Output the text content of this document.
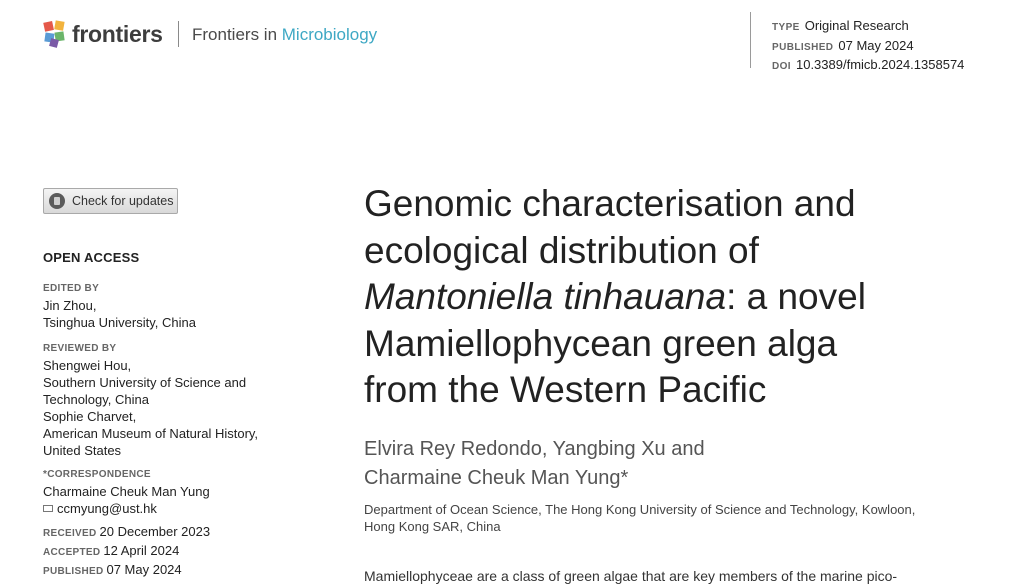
frontiers Frontiers in Microbiology	TYPE Original Research
PUBLISHED 07 May 2024
DOI 10.3389/fmicb.2024.1358574
Check for updates
OPEN ACCESS
EDITED BY
Jin Zhou,
Tsinghua University, China
REVIEWED BY
Shengwei Hou,
Southern University of Science and
Technology, China
Sophie Charvet,
American Museum of Natural History,
United States
*CORRESPONDENCE
Charmaine Cheuk Man Yung
ccmyung@ust.hk
RECEIVED 20 December 2023
ACCEPTED 12 April 2024
PUBLISHED 07 May 2024
Genomic characterisation and
ecological distribution of
Mantoniella tinhauana: a novel
Mamiellophycean green alga
from the Western Pacific
Elvira Rey Redondo, Yangbing Xu and
Charmaine Cheuk Man Yung*
Department of Ocean Science, The Hong Kong University of Science and Technology, Kowloon,
Hong Kong SAR, China
Mamiellophyceae are a class of green algae that are key members of the marine pico-
